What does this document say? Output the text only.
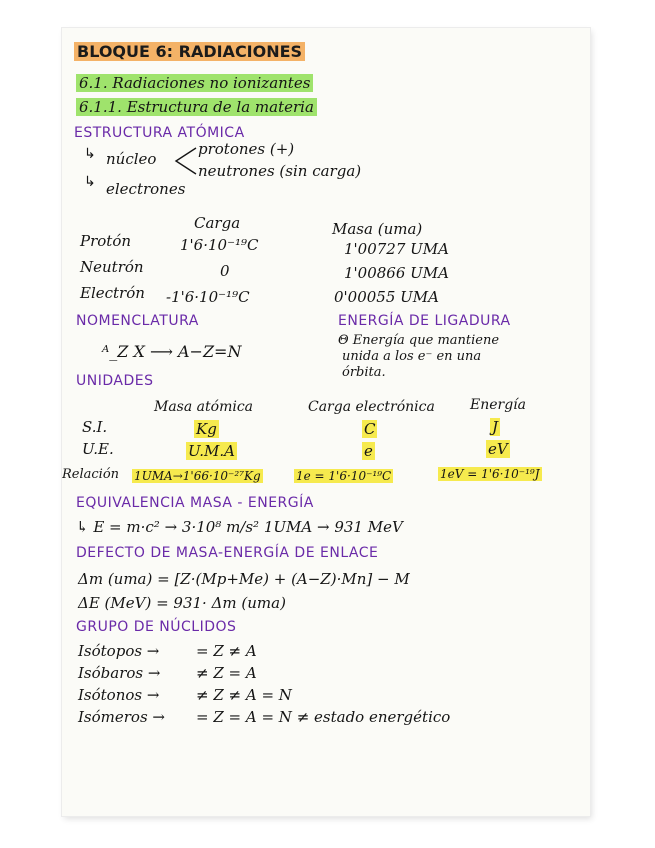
BLOQUE 6: RADIACIONES
6.1. Radiaciones no ionizantes
6.1.1. Estructura de la materia
ESTRUCTURA ATÓMICA
↳ núcleo
protones (+)
neutrones (sin carga)
↳ electrones
Carga	Masa (uma)
Protón	1'6·10⁻¹⁹C	1'00727 UMA
Neutrón	0	1'00866 UMA
Electrón -1'6·10⁻¹⁹C	0'00055 UMA
NOMENCLATURA
ᴬ_Z X ⟶ A−Z=N
ENERGÍA DE LIGADURA
Θ Energía que mantiene
unida a los e⁻ en una
órbita.
UNIDADES
Masa atómica	Carga electrónica	Energía
S.I.	Kg	C	J
U.E.	U.M.A	e	eV
Relación 1UMA→1'66·10⁻²⁷Kg	1e = 1'6·10⁻¹⁹C	1eV = 1'6·10⁻¹⁹J
EQUIVALENCIA MASA - ENERGÍA
↳ E = m·c² → 3·10⁸ m/s² 1UMA → 931 MeV
DEFECTO DE MASA-ENERGÍA DE ENLACE
Δm (uma) = [Z·(Mp+Me) + (A−Z)·Mn] − M
ΔE (MeV) = 931· Δm (uma)
GRUPO DE NÚCLIDOS
Isótopos → = Z ≠ A
Isóbaros → ≠ Z = A
Isótonos → ≠ Z ≠ A = N
Isómeros → = Z = A = N ≠ estado energético
